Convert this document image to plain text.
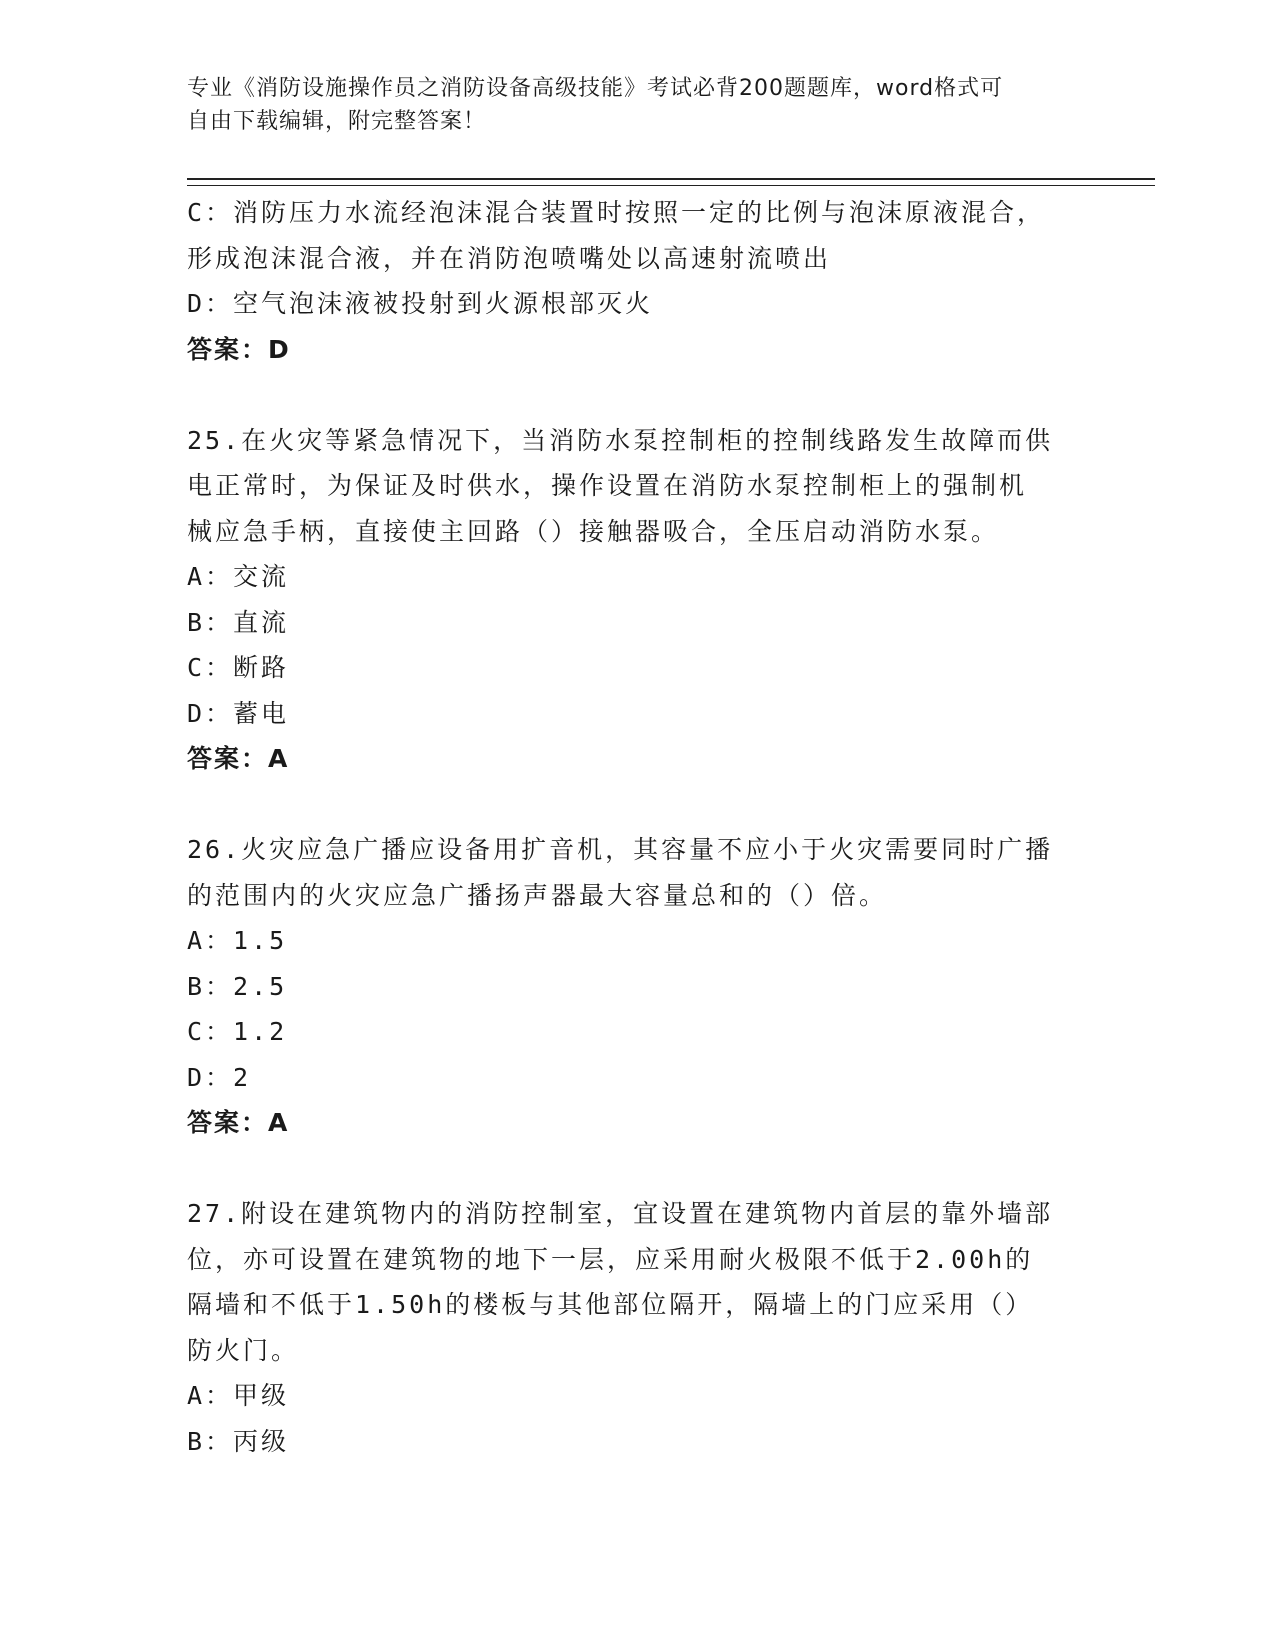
专业《消防设施操作员之消防设备高级技能》考试必背200题题库，word格式可
自由下载编辑，附完整答案！
C：消防压力水流经泡沫混合装置时按照一定的比例与泡沫原液混合，
形成泡沫混合液，并在消防泡喷嘴处以高速射流喷出
D：空气泡沫液被投射到火源根部灭火
答案：D
25.在火灾等紧急情况下，当消防水泵控制柜的控制线路发生故障而供
电正常时，为保证及时供水，操作设置在消防水泵控制柜上的强制机
械应急手柄，直接使主回路（）接触器吸合，全压启动消防水泵。
A：交流
B：直流
C：断路
D：蓄电
答案：A
26.火灾应急广播应设备用扩音机，其容量不应小于火灾需要同时广播
的范围内的火灾应急广播扬声器最大容量总和的（）倍。
A：1.5
B：2.5
C：1.2
D：2
答案：A
27.附设在建筑物内的消防控制室，宜设置在建筑物内首层的靠外墙部
位，亦可设置在建筑物的地下一层，应采用耐火极限不低于2.00h的
隔墙和不低于1.50h的楼板与其他部位隔开，隔墙上的门应采用（）
防火门。
A：甲级
B：丙级
